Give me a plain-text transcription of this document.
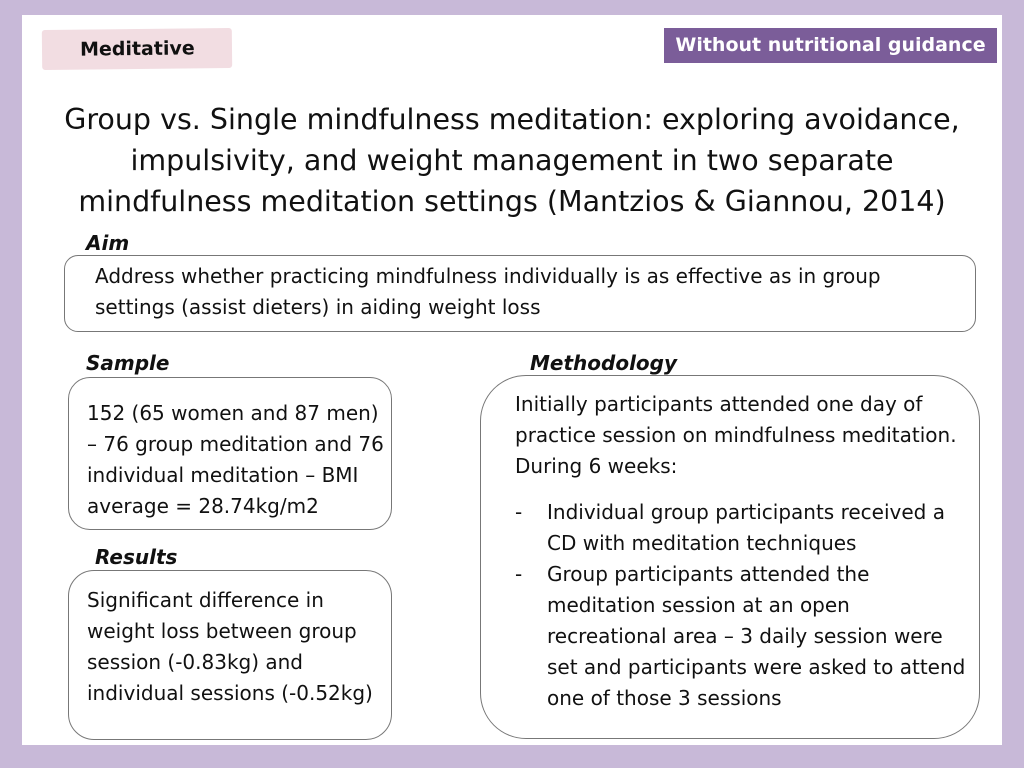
Meditative	Without nutritional guidance
Group vs. Single mindfulness meditation: exploring avoidance, impulsivity, and weight management in two separate mindfulness meditation settings (Mantzios & Giannou, 2014)
Aim
Address whether practicing mindfulness individually is as effective as in group settings (assist dieters) in aiding weight loss
Sample
152 (65 women and 87 men) – 76 group meditation and 76 individual meditation – BMI average = 28.74kg/m2
Results
Significant difference in weight loss between group session (-0.83kg) and individual sessions (-0.52kg)
Methodology
Initially participants attended one day of practice session on mindfulness meditation. During 6 weeks:
- Individual group participants received a CD with meditation techniques
- Group participants attended the meditation session at an open recreational area – 3 daily session were set and participants were asked to attend one of those 3 sessions
